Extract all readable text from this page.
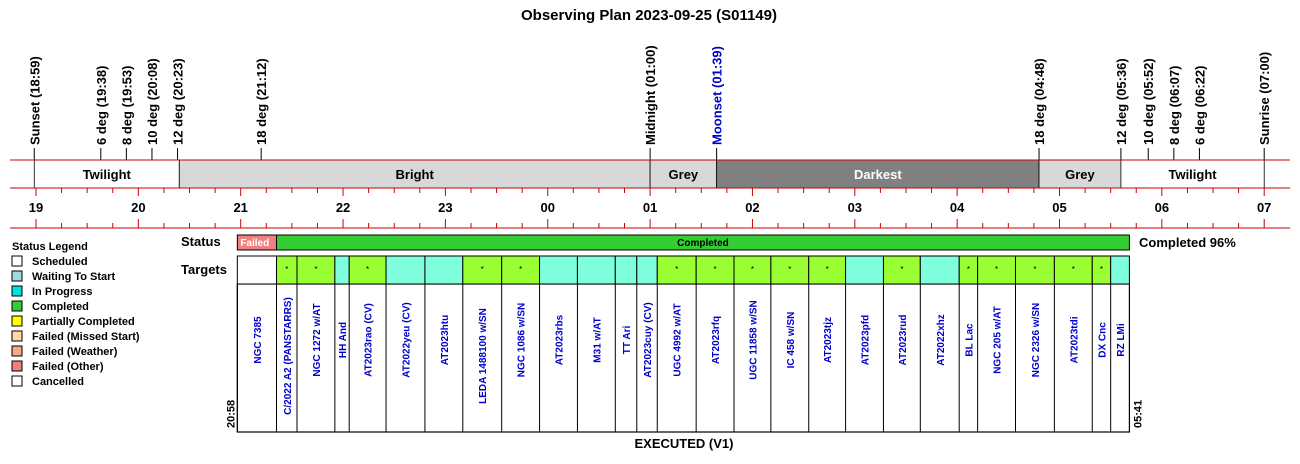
Observing Plan 2023-09-25 (S01149)
Sunset (18:59)	6 deg (19:38) 8 deg (19:53) 10 deg (20:08) 12 deg (20:23)	18 deg (21:12)	Midnight (01:00)	Moonset (01:39)	18 deg (04:48)	12 deg (05:36) 10 deg (05:52) 8 deg (06:07) 6 deg (06:22)	Sunrise (07:00)
Twilight	Bright	Grey	Darkest	Grey	Twilight
19	20	21	22	23	00	01	02	03	04	05	06	07
Status Legend
Scheduled
Waiting To Start
In Progress
Completed
Partially Completed
Failed (Missed Start)
Failed (Weather)
Failed (Other)
Cancelled
Status
Targets
Failed	Completed
NGC 7385
*
C/2022 A2 (PANSTARRS)
*
NGC 1272 w/AT HH And
*
AT2023rao (CV)	AT2022yeu (CV)	AT2023htu
*
LEDA 1488100 w/SN
*
NGC 1086 w/SN	AT2023rbs	M31 w/AT TT Ari AT2023cuy (CV)
*
UGC 4992 w/AT
*
AT2023rfq
*
UGC 11858 w/SN
*
IC 458 w/SN
*
AT2023tjz	AT2023pfd
*
AT2023rud	AT2022xhz
*
BL Lac
*
NGC 205 w/AT
*
NGC 2326 w/SN
*
AT2023tdi
*
DX Cnc RZ LMi
20:58	05:41
Completed 96%
EXECUTED (V1)
